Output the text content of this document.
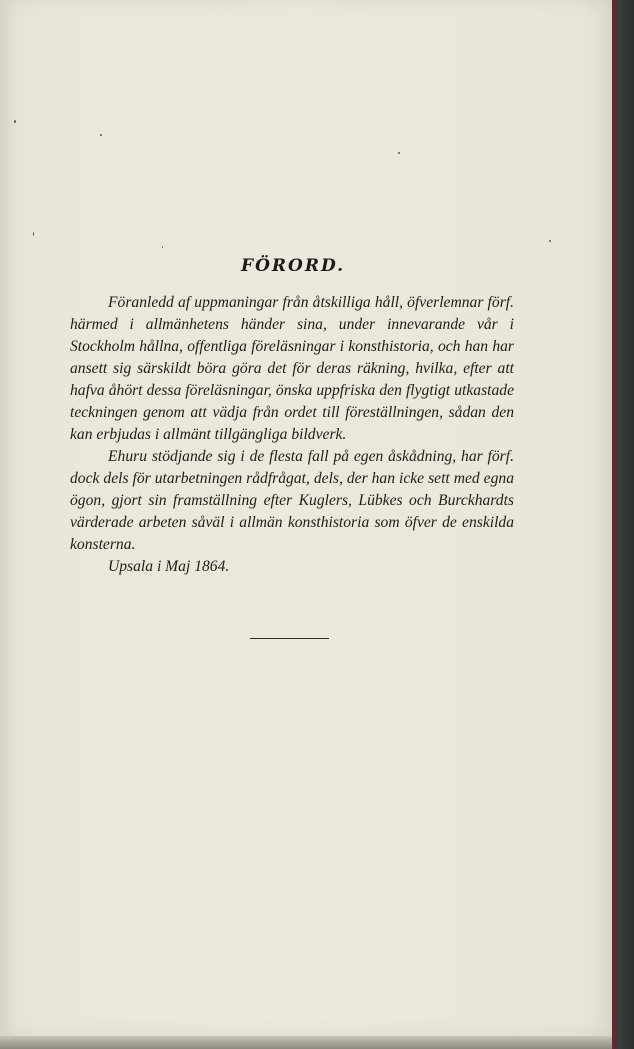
FÖRORD.

Föranledd af uppmaningar från åtskilliga håll, öfverlemnar förf. härmed i allmänhetens händer sina, under innevarande vår i Stockholm hållna, offentliga föreläsningar i konsthistoria, och han har ansett sig särskildt böra göra det för deras räkning, hvilka, efter att hafva åhört dessa föreläsningar, önska uppfriska den flygtigt utkastade teckningen genom att vädja från ordet till föreställningen, sådan den kan erbjudas i allmänt tillgängliga bildverk.

Ehuru stödjande sig i de flesta fall på egen åskådning, har förf. dock dels för utarbetningen rådfrågat, dels, der han icke sett med egna ögon, gjort sin framställning efter Kuglers, Lübkes och Burckhardts värderade arbeten såväl i allmän konsthistoria som öfver de enskilda konsterna.

Upsala i Maj 1864.
